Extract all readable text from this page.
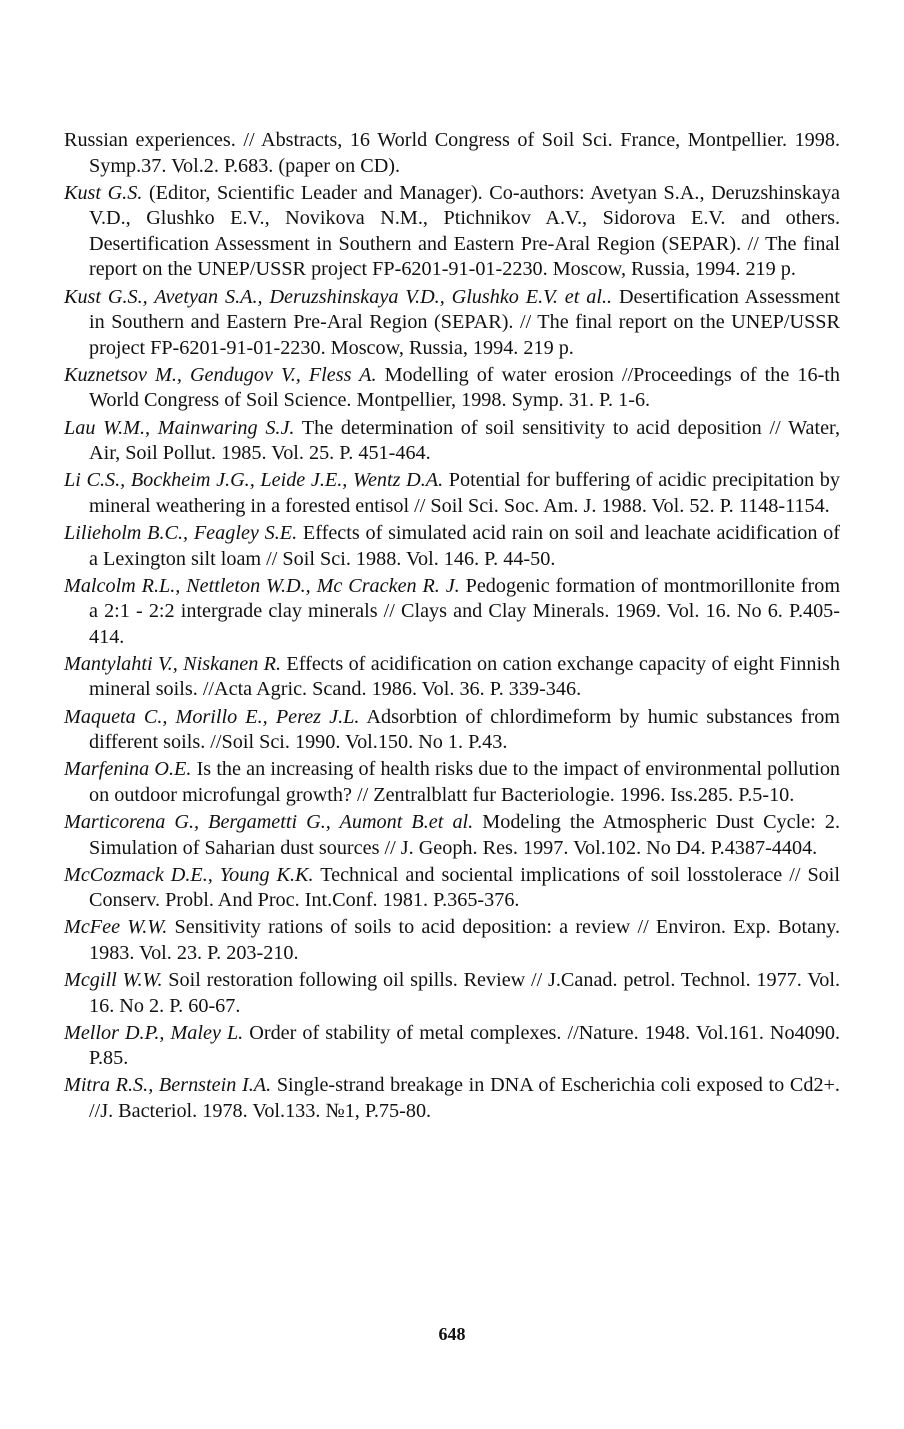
Russian experiences. // Abstracts, 16 World Congress of Soil Sci. France, Montpellier. 1998. Symp.37. Vol.2. P.683. (paper on CD).

Kust G.S. (Editor, Scientific Leader and Manager). Co-authors: Avetyan S.A., Deruzshinskaya V.D., Glushko E.V., Novikova N.M., Ptichnikov A.V., Sidorova E.V. and others. Desertification Assessment in Southern and Eastern Pre-Aral Region (SEPAR). // The final report on the UNEP/USSR project FP-6201-91-01-2230. Moscow, Russia, 1994. 219 p.

Kust G.S., Avetyan S.A., Deruzshinskaya V.D., Glushko E.V. et al.. Desertification Assessment in Southern and Eastern Pre-Aral Region (SEPAR). // The final report on the UNEP/USSR project FP-6201-91-01-2230. Moscow, Russia, 1994. 219 p.

Kuznetsov M., Gendugov V., Fless A. Modelling of water erosion //Proceedings of the 16-th World Congress of Soil Science. Montpellier, 1998. Symp. 31. P. 1-6.

Lau W.M., Mainwaring S.J. The determination of soil sensitivity to acid deposition // Water, Air, Soil Pollut. 1985. Vol. 25. P. 451-464.

Li C.S., Bockheim J.G., Leide J.E., Wentz D.A. Potential for buffering of acidic precipitation by mineral weathering in a forested entisol // Soil Sci. Soc. Am. J. 1988. Vol. 52. P. 1148-1154.

Lilieholm B.C., Feagley S.E. Effects of simulated acid rain on soil and leachate acidification of a Lexington silt loam // Soil Sci. 1988. Vol. 146. P. 44-50.

Malcolm R.L., Nettleton W.D., Mc Cracken R. J. Pedogenic formation of montmorillonite from a 2:1 - 2:2 intergrade clay minerals // Clays and Clay Minerals. 1969. Vol. 16. No 6. P.405-414.

Mantylahti V., Niskanen R. Effects of acidification on cation exchange capacity of eight Finnish mineral soils. //Acta Agric. Scand. 1986. Vol. 36. P. 339-346.

Maqueta C., Morillo E., Perez J.L. Adsorbtion of chlordimeform by humic substances from different soils. //Soil Sci. 1990. Vol.150. No 1. P.43.

Marfenina O.E. Is the an increasing of health risks due to the impact of environmental pollution on outdoor microfungal growth? // Zentralblatt fur Bacteriologie. 1996. Iss.285. P.5-10.

Marticorena G., Bergametti G., Aumont B.et al. Modeling the Atmospheric Dust Cycle: 2. Simulation of Saharian dust sources // J. Geoph. Res. 1997. Vol.102. No D4. P.4387-4404.

McCozmack D.E., Young K.K. Technical and sociental implications of soil losstolerace // Soil Conserv. Probl. And Proc. Int.Conf. 1981. P.365-376.

McFee W.W. Sensitivity rations of soils to acid deposition: a review // Environ. Exp. Botany. 1983. Vol. 23. P. 203-210.

Mcgill W.W. Soil restoration following oil spills. Review // J.Canad. petrol. Technol. 1977. Vol. 16. No 2. P. 60-67.

Mellor D.P., Maley L. Order of stability of metal complexes. //Nature. 1948. Vol.161. No4090. P.85.

Mitra R.S., Bernstein I.A. Single-strand breakage in DNA of Escherichia coli exposed to Cd2+. //J. Bacteriol. 1978. Vol.133. №1, P.75-80.

648
